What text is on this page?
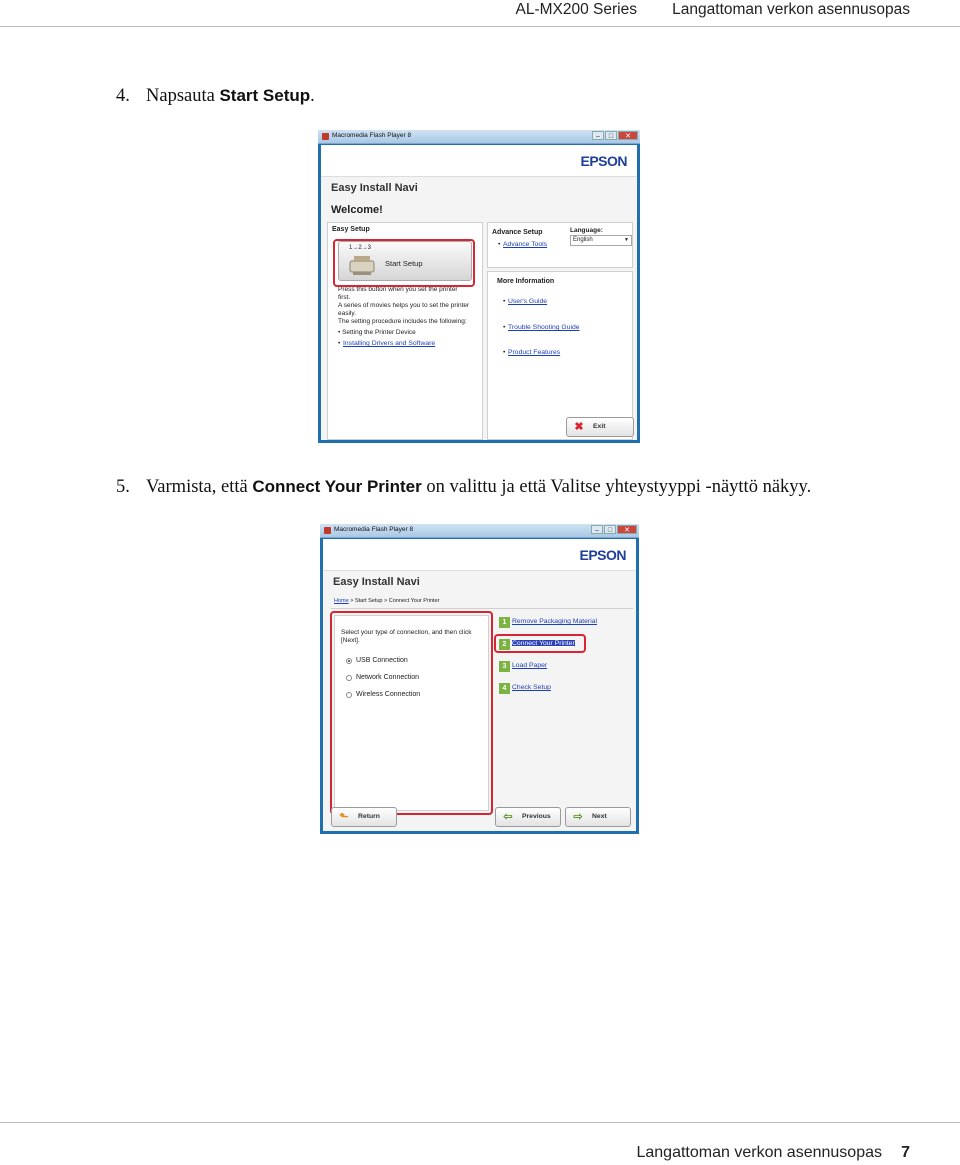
AL-MX200 Series Langattoman verkon asennusopas
4. Napsauta Start Setup.
Macromedia Flash Player 8	–	□	✕
EPSON
Easy Install Navi
Welcome!
Easy Setup
1→2→3
Start Setup
Press this button when you set the printer
first.
A series of movies helps you to set the printer
easily.
The setting procedure includes the following:
• Setting the Printer Device
• Installing Drivers and Software
Advance Setup
• Advance Tools
Language:
English	▼
More Information
• User's Guide
• Trouble Shooting Guide
• Product Features
✖ Exit
5. Varmista, että Connect Your Printer on valittu ja että Valitse yhteystyyppi -näyttö näkyy.
Macromedia Flash Player 8	–	□	✕
EPSON
Easy Install Navi
Home > Start Setup > Connect Your Printer
Select your type of connection, and then click
[Next].
USB Connection
Network Connection
Wireless Connection
1 Remove Packaging Material
2 Connect Your Printer
3 Load Paper
4 Check Setup
⬑ Return	⇦ Previous ⇨ Next
Langattoman verkon asennusopas 7
